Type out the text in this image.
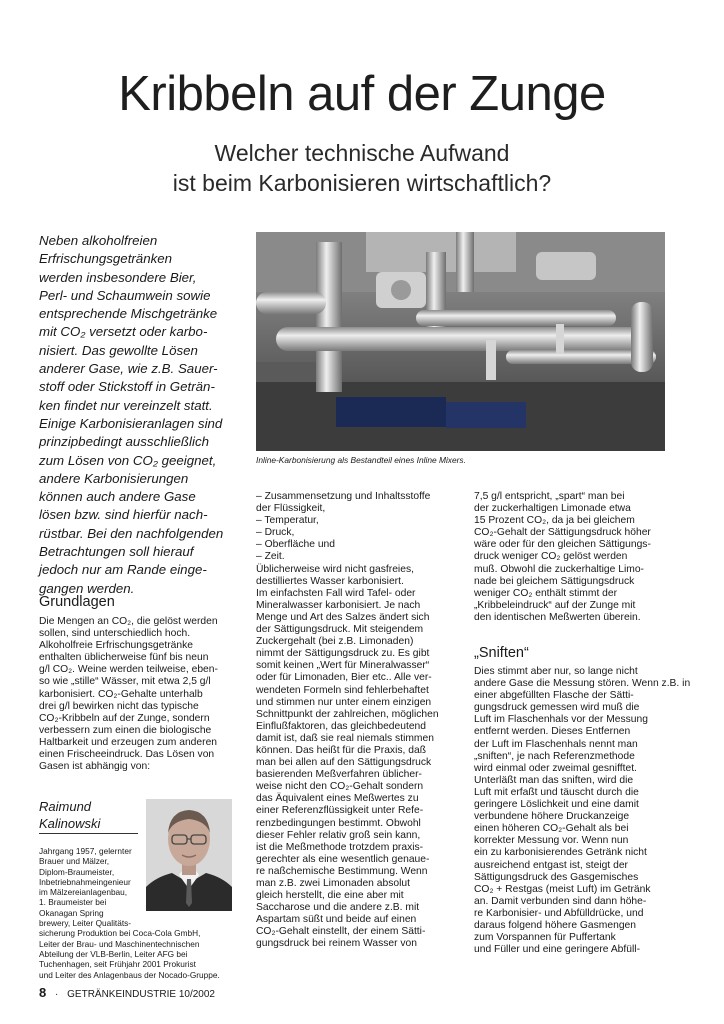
Kribbeln auf der Zunge
Welcher technische Aufwand
ist beim Karbonisieren wirtschaftlich?
Neben alkoholfreien
Erfrischungsgetränken
werden insbesondere Bier,
Perl- und Schaumwein sowie
entsprechende Mischgetränke
mit CO₂ versetzt oder karbo-
nisiert. Das gewollte Lösen
anderer Gase, wie z.B. Sauer-
stoff oder Stickstoff in Geträn-
ken findet nur vereinzelt statt.
Einige Karbonisieranlagen sind
prinzipbedingt ausschließlich
zum Lösen von CO₂ geeignet,
andere Karbonisierungen
können auch andere Gase
lösen bzw. sind hierfür nach-
rüstbar. Bei den nachfolgenden
Betrachtungen soll hierauf
jedoch nur am Rande einge-
gangen werden.
Grundlagen
Die Mengen an CO₂, die gelöst werden
sollen, sind unterschiedlich hoch.
Alkoholfreie Erfrischungsgetränke
enthalten üblicherweise fünf bis neun
g/l CO₂. Weine werden teilweise, eben-
so wie „stille“ Wässer, mit etwa 2,5 g/l
karbonisiert. CO₂-Gehalte unterhalb
drei g/l bewirken nicht das typische
CO₂-Kribbeln auf der Zunge, sondern
verbessern zum einen die biologische
Haltbarkeit und erzeugen zum anderen
einen Frischeeindruck. Das Lösen von
Gasen ist abhängig von:
Raimund
Kalinowski
Jahrgang 1957, gelernter
Brauer und Mälzer,
Diplom-Braumeister,
Inbetriebnahmeingenieur
im Mälzereianlagenbau,
1. Braumeister bei
Okanagan Spring
brewery, Leiter Qualitäts-
sicherung Produktion bei Coca-Cola GmbH,
Leiter der Brau- und Maschinentechnischen
Abteilung der VLB-Berlin, Leiter AFG bei
Tuchenhagen, seit Frühjahr 2001 Prokurist
und Leiter des Anlagenbaus der Nocado-Gruppe.
Inline-Karbonisierung als Bestandteil eines Inline Mixers.
– Zusammensetzung und Inhaltsstoffe
der Flüssigkeit,
– Temperatur,
– Druck,
– Oberfläche und
– Zeit.
Üblicherweise wird nicht gasfreies,
destilliertes Wasser karbonisiert.
Im einfachsten Fall wird Tafel- oder
Mineralwasser karbonisiert. Je nach
Menge und Art des Salzes ändert sich
der Sättigungsdruck. Mit steigendem
Zuckergehalt (bei z.B. Limonaden)
nimmt der Sättigungsdruck zu. Es gibt
somit keinen „Wert für Mineralwasser“
oder für Limonaden, Bier etc.. Alle ver-
wendeten Formeln sind fehlerbehaftet
und stimmen nur unter einem einzigen
Schnittpunkt der zahlreichen, möglichen
Einflußfaktoren, das gleichbedeutend
damit ist, daß sie real niemals stimmen
können. Das heißt für die Praxis, daß
man bei allen auf den Sättigungsdruck
basierenden Meßverfahren üblicher-
weise nicht den CO₂-Gehalt sondern
das Äquivalent eines Meßwertes zu
einer Referenzflüssigkeit unter Refe-
renzbedingungen bestimmt. Obwohl
dieser Fehler relativ groß sein kann,
ist die Meßmethode trotzdem praxis-
gerechter als eine wesentlich genaue-
re naßchemische Bestimmung. Wenn
man z.B. zwei Limonaden absolut
gleich herstellt, die eine aber mit
Saccharose und die andere z.B. mit
Aspartam süßt und beide auf einen
CO₂-Gehalt einstellt, der einem Sätti-
gungsdruck bei reinem Wasser von
7,5 g/l entspricht, „spart“ man bei
der zuckerhaltigen Limonade etwa
15 Prozent CO₂, da ja bei gleichem
CO₂-Gehalt der Sättigungsdruck höher
wäre oder für den gleichen Sättigungs-
druck weniger CO₂ gelöst werden
muß. Obwohl die zuckerhaltige Limo-
nade bei gleichem Sättigungsdruck
weniger CO₂ enthält stimmt der
„Kribbeleindruck“ auf der Zunge mit
den identischen Meßwerten überein.
„Sniften“
Dies stimmt aber nur, so lange nicht
andere Gase die Messung stören. Wenn z.B. in
einer abgefüllten Flasche der Sätti-
gungsdruck gemessen wird muß die
Luft im Flaschenhals vor der Messung
entfernt werden. Dieses Entfernen
der Luft im Flaschenhals nennt man
„sniften“, je nach Referenzmethode
wird einmal oder zweimal gesnifftet.
Unterläßt man das sniften, wird die
Luft mit erfaßt und täuscht durch die
geringere Löslichkeit und eine damit
verbundene höhere Druckanzeige
einen höheren CO₂-Gehalt als bei
korrekter Messung vor. Wenn nun
ein zu karbonisierendes Getränk nicht
ausreichend entgast ist, steigt der
Sättigungsdruck des Gasgemisches
CO₂ + Restgas (meist Luft) im Getränk
an. Damit verbunden sind dann höhe-
re Karbonisier- und Abfülldrücke, und
daraus folgend höhere Gasmengen
zum Vorspannen für Puffertank
und Füller und eine geringere Abfüll-
8 · GETRÄNKEINDUSTRIE 10/2002
